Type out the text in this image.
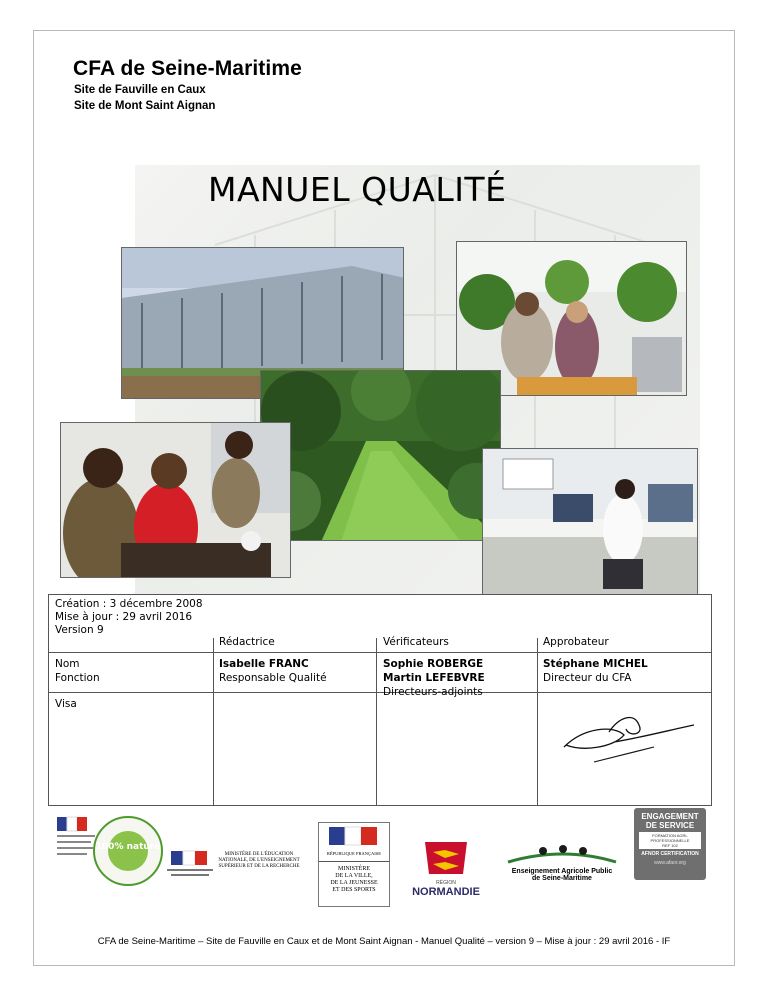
CFA de Seine-Maritime
Site de Fauville en Caux
Site de Mont Saint Aignan
MANUEL QUALITÉ
Création : 3 décembre 2008
Mise à jour : 29 avril 2016
Version 9
Rédactrice	Vérificateurs	Approbateur
Nom
Fonction
Visa
Isabelle FRANC
Responsable Qualité
Sophie ROBERGE
Martin LEFEBVRE
Directeurs-adjoints
Stéphane MICHEL
Directeur du CFA
100% nature
MINISTÈRE DE L'ÉDUCATION NATIONALE, DE L'ENSEIGNEMENT SUPÉRIEUR ET DE LA RECHERCHE
RÉPUBLIQUE FRANÇAISE
MINISTÈRE
DE LA VILLE,
DE LA JEUNESSE
ET DES SPORTS
RÉGION
NORMANDIE
Enseignement Agricole Public
de Seine-Maritime
ENGAGEMENT
DE SERVICE
FORMATION AGRI-PROFESSIONNELLE
REF 102
AFNOR CERTIFICATION
www.afaor.org
CFA de Seine-Maritime – Site de Fauville en Caux et de Mont Saint Aignan - Manuel Qualité – version 9 – Mise à jour : 29 avril 2016 - IF
